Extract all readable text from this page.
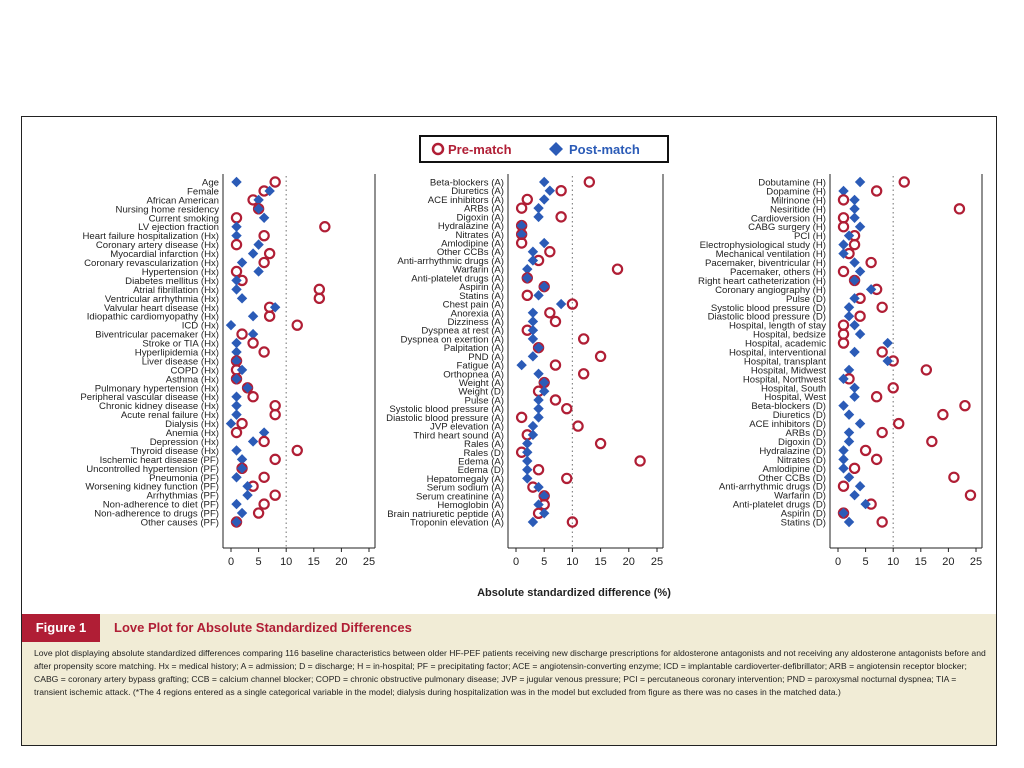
Pre-match	Post-match
0 5 10 15 20 25
Age
Female
African American
Nursing home residency
Current smoking
LV ejection fraction
Heart failure hospitalization (Hx)
Coronary artery disease (Hx)
Myocardial infarction (Hx)
Coronary revascularization (Hx)
Hypertension (Hx)
Diabetes mellitus (Hx)
Atrial fibrillation (Hx)
Ventricular arrhythmia (Hx)
Valvular heart disease (Hx)
Idiopathic cardiomyopathy (Hx)
ICD (Hx)
Biventricular pacemaker (Hx)
Stroke or TIA (Hx)
Hyperlipidemia (Hx)
Liver disease (Hx)
COPD (Hx)
Asthma (Hx)
Pulmonary hypertension (Hx)
Peripheral vascular disease (Hx)
Chronic kidney disease (Hx)
Acute renal failure (Hx)
Dialysis (Hx)
Anemia (Hx)
Depression (Hx)
Thyroid disease (Hx)
Ischemic heart disease (PF)
Uncontrolled hypertension (PF)
Pneumonia (PF)
Worsening kidney function (PF)
Arrhythmias (PF)
Non-adherence to diet (PF)
Non-adherence to drugs (PF)
Other causes (PF)
0 5 10 15 20 25
Beta-blockers (A)
Diuretics (A)
ACE inhibitors (A)
ARBs (A)
Digoxin (A)
Hydralazine (A)
Nitrates (A)
Amlodipine (A)
Other CCBs (A)
Anti-arrhythmic drugs (A)
Warfarin (A)
Anti-platelet drugs (A)
Aspirin (A)
Statins (A)
Chest pain (A)
Anorexia (A)
Dizziness (A)
Dyspnea at rest (A)
Dyspnea on exertion (A)
Palpitation (A)
PND (A)
Fatigue (A)
Orthopnea (A)
Weight (A)
Weight (D)
Pulse (A)
Systolic blood pressure (A)
Diastolic blood pressure (A)
JVP elevation (A)
Third heart sound (A)
Rales (A)
Rales (D)
Edema (A)
Edema (D)
Hepatomegaly (A)
Serum sodium (A)
Serum creatinine (A)
Hemoglobin (A)
Brain natriuretic peptide (A)
Troponin elevation (A)
0 5 10 15 20 25
Dobutamine (H)
Dopamine (H)
Milrinone (H)
Nesiritide (H)
Cardioversion (H)
CABG surgery (H)
PCI (H)
Electrophysiological study (H)
Mechanical ventilation (H)
Pacemaker, biventricular (H)
Pacemaker, others (H)
Right heart catheterization (H)
Coronary angiography (H)
Pulse (D)
Systolic blood pressure (D)
Diastolic blood pressure (D)
Hospital, length of stay
Hospital, bedsize
Hospital, academic
Hospital, interventional
Hospital, transplant
Hospital, Midwest
Hospital, Northwest
Hospital, South
Hospital, West
Beta-blockers (D)
Diuretics (D)
ACE inhibitors (D)
ARBs (D)
Digoxin (D)
Hydralazine (D)
Nitrates (D)
Amlodipine (D)
Other CCBs (D)
Anti-arrhythmic drugs (D)
Warfarin (D)
Anti-platelet drugs (D)
Aspirin (D)
Statins (D)
Absolute standardized difference (%)
Figure 1	Love Plot for Absolute Standardized Differences
Love plot displaying absolute standardized differences comparing 116 baseline characteristics between older HF-PEF patients receiving new discharge prescriptions for aldosterone antagonists and not receiving any aldosterone antagonists before and after propensity score matching. Hx = medical history; A = admission; D = discharge; H = in-hospital; PF = precipitating factor; ACE = angiotensin-converting enzyme; ICD = implantable cardioverter-defibrillator; ARB = angiotensin receptor blocker; CABG = coronary artery bypass grafting; CCB = calcium channel blocker; COPD = chronic obstructive pulmonary disease; JVP = jugular venous pressure; PCI = percutaneous coronary intervention; PND = paroxysmal nocturnal dyspnea; TIA = transient ischemic attack. (*The 4 regions entered as a single categorical variable in the model; dialysis during hospitalization was in the model but excluded from figure as there was no cases in the matched data.)
